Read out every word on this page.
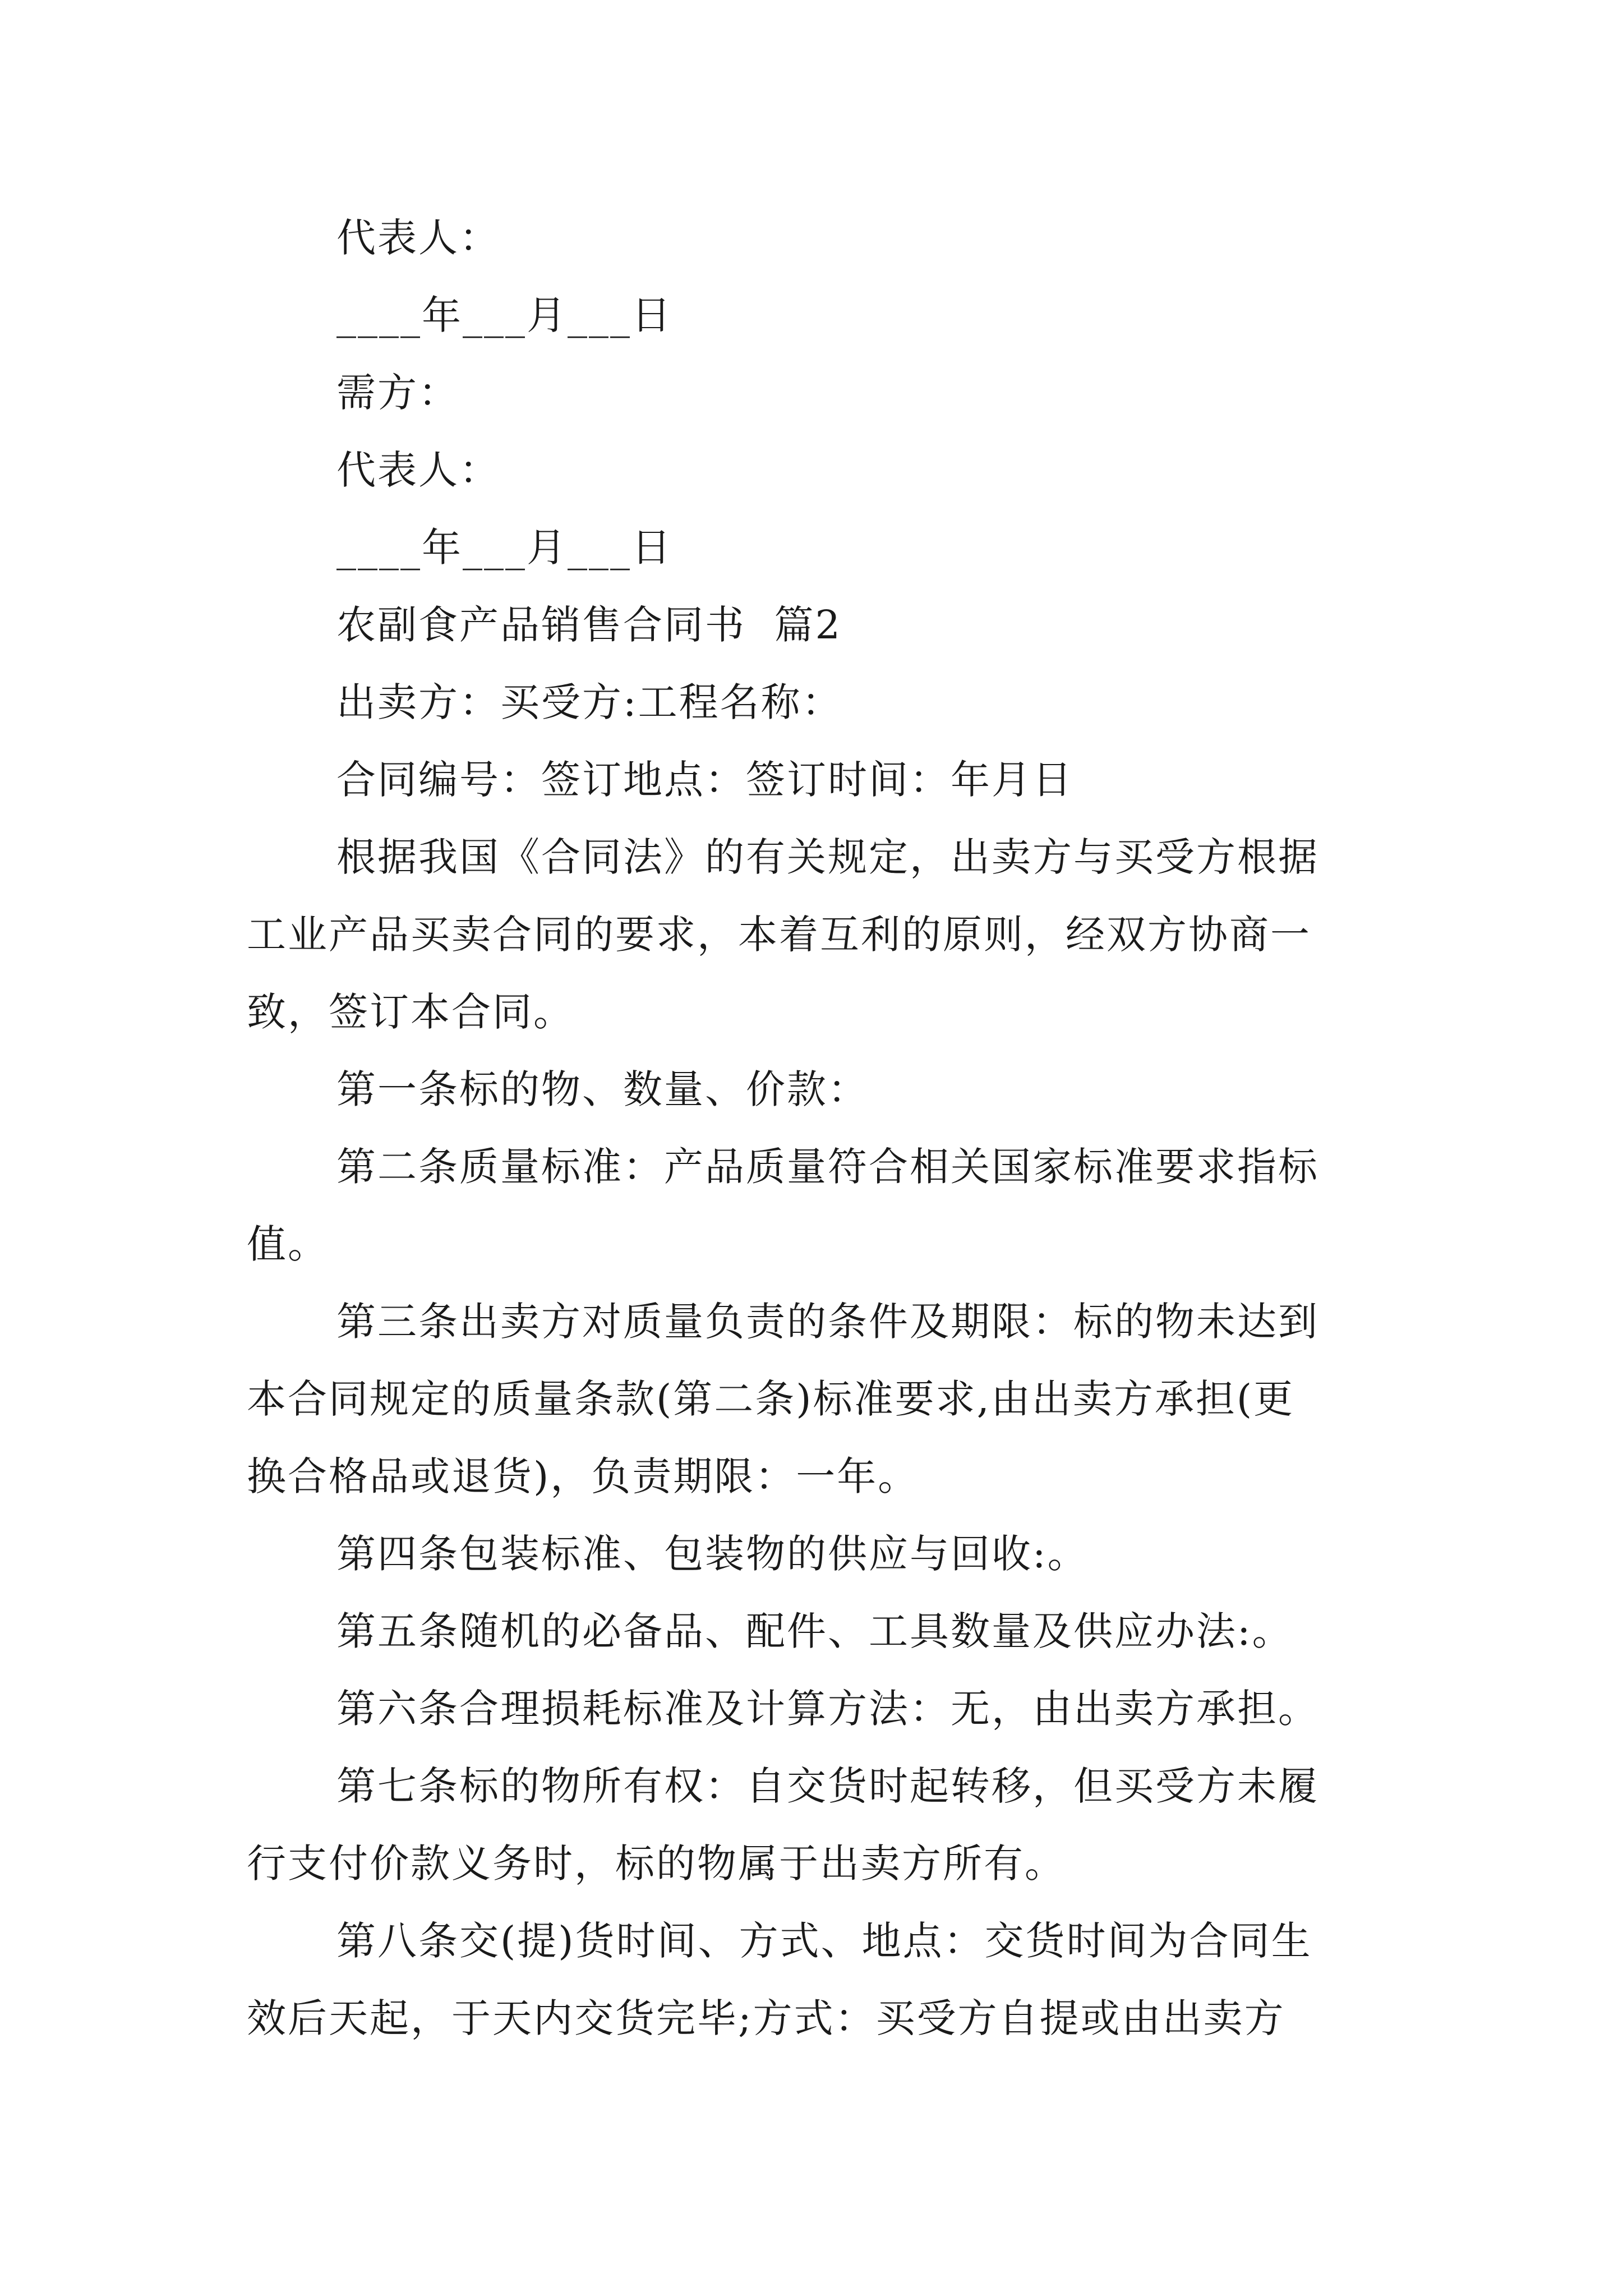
代表人：
____年___月___日
需方：
代表人：
____年___月___日
农副食产品销售合同书  篇2
出卖方：买受方:工程名称：
合同编号：签订地点：签订时间：年月日
根据我国《合同法》的有关规定，出卖方与买受方根据
工业产品买卖合同的要求，本着互利的原则，经双方协商一
致，签订本合同。
第一条标的物、数量、价款：
第二条质量标准：产品质量符合相关国家标准要求指标
值。
第三条出卖方对质量负责的条件及期限：标的物未达到
本合同规定的质量条款(第二条)标准要求,由出卖方承担(更
换合格品或退货)，负责期限：一年。
第四条包装标准、包装物的供应与回收:。
第五条随机的必备品、配件、工具数量及供应办法:。
第六条合理损耗标准及计算方法：无，由出卖方承担。
第七条标的物所有权：自交货时起转移，但买受方未履
行支付价款义务时，标的物属于出卖方所有。
第八条交(提)货时间、方式、地点：交货时间为合同生
效后天起，于天内交货完毕;方式：买受方自提或由出卖方
